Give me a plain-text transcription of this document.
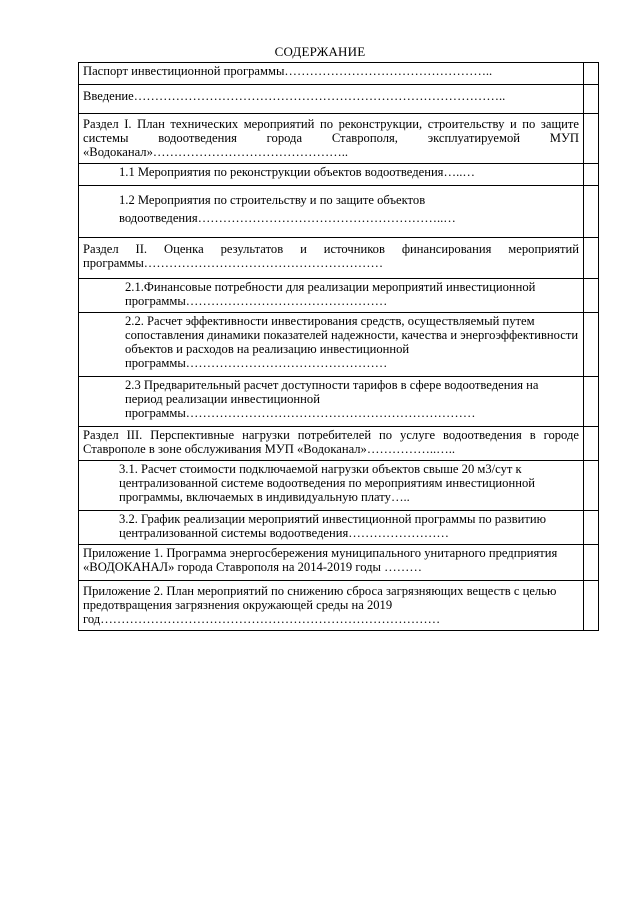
СОДЕРЖАНИЕ
Паспорт инвестиционной программы…………………………………………..	
Введение……………………………………………………………………………..	
Раздел I. План технических мероприятий по реконструкции, строительству и по защите системы водоотведения города Ставрополя, эксплуатируемой МУП «Водоканал»………………………………………..	
1.1 Мероприятия по реконструкции объектов водоотведения…..…	
1.2 Мероприятия по строительству и по защите объектов водоотведения…………………………………………………..…	
Раздел II. Оценка результатов и источников финансирования мероприятий программы…………………………………………………	
2.1.Финансовые потребности для реализации мероприятий инвестиционной программы…………………………………………	
2.2. Расчет эффективности инвестирования средств, осуществляемый путем сопоставления динамики показателей надежности, качества и энергоэффективности объектов и расходов на реализацию инвестиционной программы…………………………………………	
2.3 Предварительный расчет доступности тарифов в сфере водоотведения на период реализации инвестиционной программы……………………………………………………………	
Раздел III. Перспективные нагрузки потребителей по услуге водоотведения в городе Ставрополе в зоне обслуживания МУП «Водоканал»……………..…..	
3.1. Расчет стоимости подключаемой нагрузки объектов свыше 20 м3/сут к централизованной системе водоотведения по мероприятиям инвестиционной программы, включаемых в индивидуальную плату…..	
3.2. График реализации мероприятий инвестиционной программы по развитию централизованной системы водоотведения……………………	
Приложение 1. Программа энергосбережения муниципального унитарного предприятия «ВОДОКАНАЛ» города Ставрополя на 2014-2019 годы ………	
Приложение 2. План мероприятий по снижению сброса загрязняющих веществ с целью предотвращения загрязнения окружающей среды на 2019 год………………………………………………………………………	
